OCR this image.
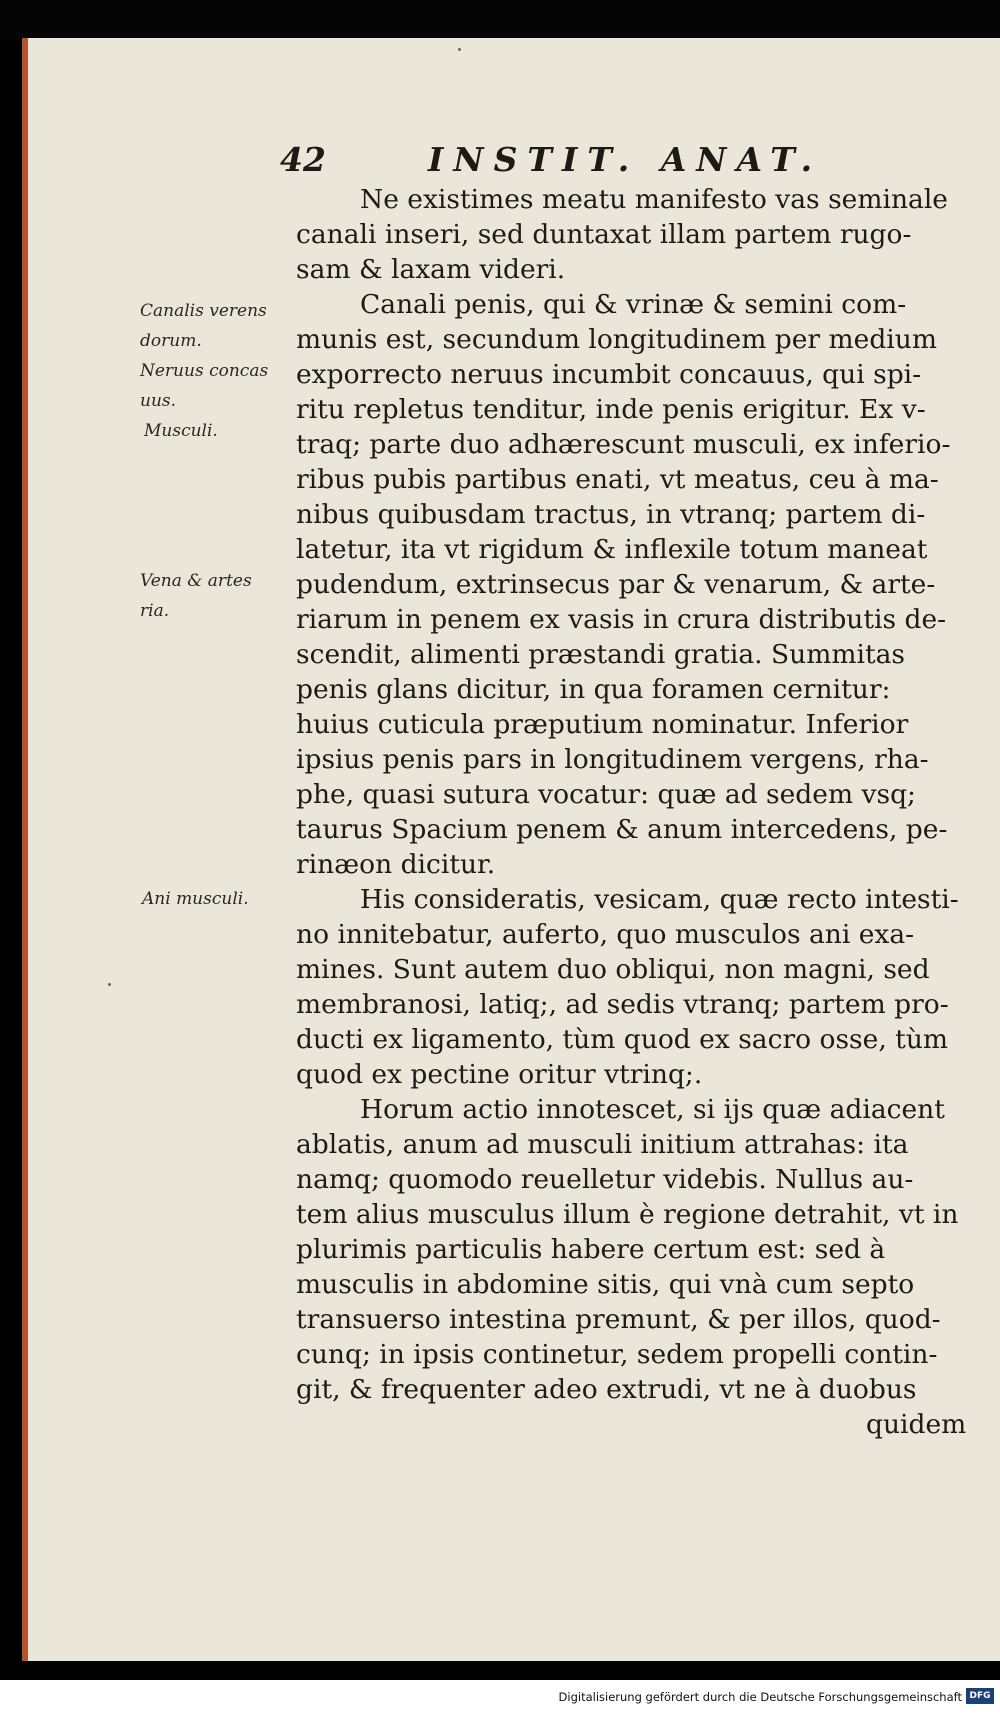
42	INSTIT. ANAT.
Canalis verens
dorum.
Neruus concas
uus.
Musculi.
Vena & artes
ria.
Ani musculi.
Ne existimes meatu manifesto vas seminale
canali inseri, sed duntaxat illam partem rugo-
sam & laxam videri.
Canali penis, qui & vrinæ & semini com-
munis est, secundum longitudinem per medium
exporrecto neruus incumbit concauus, qui spi-
ritu repletus tenditur, inde penis erigitur. Ex v-
traq; parte duo adhærescunt musculi, ex inferio-
ribus pubis partibus enati, vt meatus, ceu à ma-
nibus quibusdam tractus, in vtranq; partem di-
latetur, ita vt rigidum & inflexile totum maneat
pudendum, extrinsecus par & venarum, & arte-
riarum in penem ex vasis in crura distributis de-
scendit, alimenti præstandi gratia. Summitas
penis glans dicitur, in qua foramen cernitur:
huius cuticula præputium nominatur. Inferior
ipsius penis pars in longitudinem vergens, rha-
phe, quasi sutura vocatur: quæ ad sedem vsq;
taurus Spacium penem & anum intercedens, pe-
rinæon dicitur.
His consideratis, vesicam, quæ recto intesti-
no innitebatur, auferto, quo musculos ani exa-
mines. Sunt autem duo obliqui, non magni, sed
membranosi, latiq;, ad sedis vtranq; partem pro-
ducti ex ligamento, tùm quod ex sacro osse, tùm
quod ex pectine oritur vtrinq;.
Horum actio innotescet, si ijs quæ adiacent
ablatis, anum ad musculi initium attrahas: ita
namq; quomodo reuelletur videbis. Nullus au-
tem alius musculus illum è regione detrahit, vt in
plurimis particulis habere certum est: sed à
musculis in abdomine sitis, qui vnà cum septo
transuerso intestina premunt, & per illos, quod-
cunq; in ipsis continetur, sedem propelli contin-
git, & frequenter adeo extrudi, vt ne à duobus
quidem
Digitalisierung gefördert durch die Deutsche Forschungsgemeinschaft DFG
